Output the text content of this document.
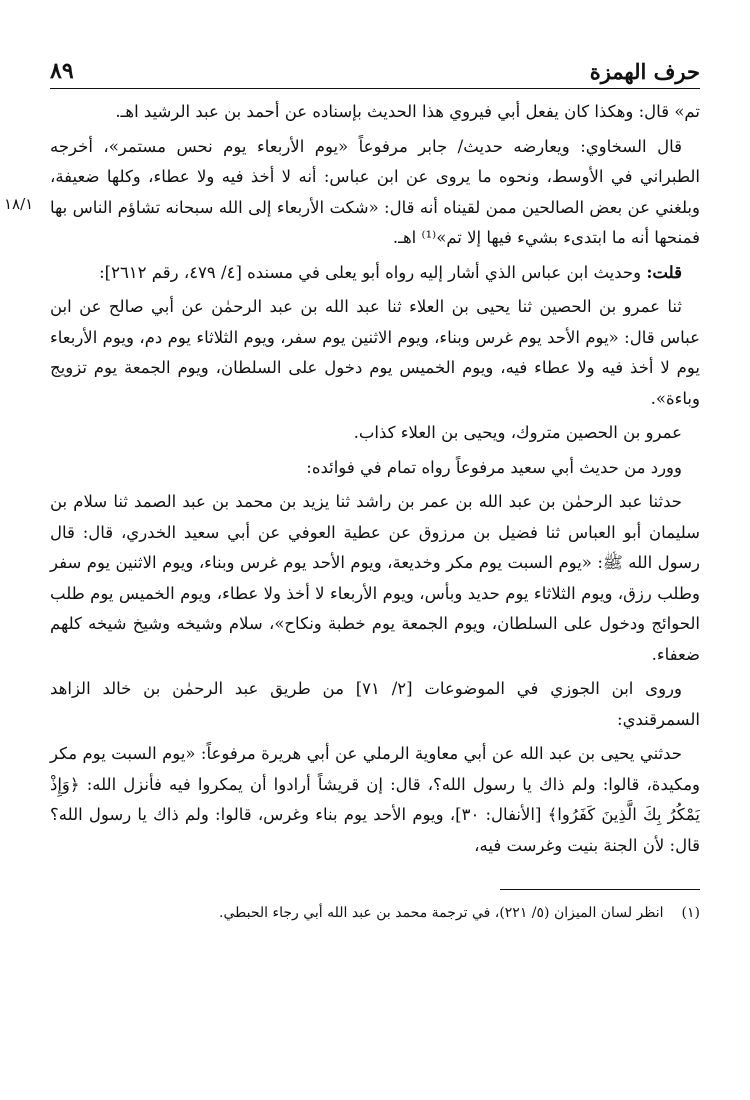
حرف الهمزة
٨٩
١٨/١

تم» قال: وهكذا كان يفعل أبي فيروي هذا الحديث بإسناده عن أحمد بن عبد الرشيد اهـ.

قال السخاوي: ويعارضه حديث/ جابر مرفوعاً «يوم الأربعاء يوم نحس مستمر»، أخرجه الطبراني في الأوسط، ونحوه ما يروى عن ابن عباس: أنه لا أخذ فيه ولا عطاء، وكلها ضعيفة، وبلغني عن بعض الصالحين ممن لقيناه أنه قال: «شكت الأربعاء إلى الله سبحانه تشاؤم الناس بها فمنحها أنه ما ابتدىء بشيء فيها إلا تم»⁽¹⁾ اهـ.

قلت: وحديث ابن عباس الذي أشار إليه رواه أبو يعلى في مسنده [٤/ ٤٧٩، رقم ٢٦١٢]:

ثنا عمرو بن الحصين ثنا يحيى بن العلاء ثنا عبد الله بن عبد الرحمٰن عن أبي صالح عن ابن عباس قال: «يوم الأحد يوم غرس وبناء، ويوم الاثنين يوم سفر، ويوم الثلاثاء يوم دم، ويوم الأربعاء يوم لا أخذ فيه ولا عطاء فيه، ويوم الخميس يوم دخول على السلطان، ويوم الجمعة يوم تزويج وباءة».

عمرو بن الحصين متروك، ويحيى بن العلاء كذاب.

وورد من حديث أبي سعيد مرفوعاً رواه تمام في فوائده:

حدثنا عبد الرحمٰن بن عبد الله بن عمر بن راشد ثنا يزيد بن محمد بن عبد الصمد ثنا سلام بن سليمان أبو العباس ثنا فضيل بن مرزوق عن عطية العوفي عن أبي سعيد الخدري، قال: قال رسول الله ﷺ: «يوم السبت يوم مكر وخديعة، ويوم الأحد يوم غرس وبناء، ويوم الاثنين يوم سفر وطلب رزق، ويوم الثلاثاء يوم حديد وبأس، ويوم الأربعاء لا أخذ ولا عطاء، ويوم الخميس يوم طلب الحوائج ودخول على السلطان، ويوم الجمعة يوم خطبة ونكاح»، سلام وشيخه وشيخ شيخه كلهم ضعفاء.

وروى ابن الجوزي في الموضوعات [٢/ ٧١] من طريق عبد الرحمٰن بن خالد الزاهد السمرقندي:

حدثني يحيى بن عبد الله عن أبي معاوية الرملي عن أبي هريرة مرفوعاً: «يوم السبت يوم مكر ومكيدة، قالوا: ولم ذاك يا رسول الله؟، قال: إن قريشاً أرادوا أن يمكروا فيه فأنزل الله: ﴿وَإِذْ يَمْكُرُ بِكَ الَّذِينَ كَفَرُوا﴾ [الأنفال: ٣٠]، ويوم الأحد يوم بناء وغرس، قالوا: ولم ذاك يا رسول الله؟ قال: لأن الجنة بنيت وغرست فيه،

(١)انظر لسان الميزان (٥/ ٢٢١)، في ترجمة محمد بن عبد الله أبي رجاء الحبطي.
